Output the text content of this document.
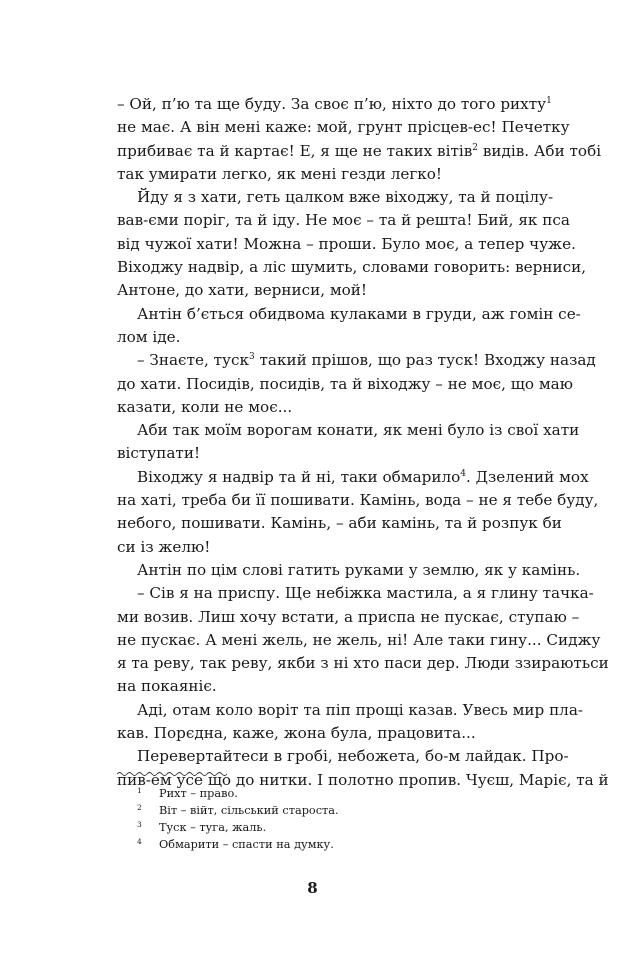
– Ой, п’ю та ще буду. За своє п’ю, ніхто до того рихту$^1$
не має. А він мені каже: мой, грунт прісцев-ес! Печетку
прибиває та й картає! Е, я ще не таких вітів$^2$ видів. Аби тобі
так умирати легко, як мені гезди легко!
Йду я з хати, геть цалком вже віходжу, та й поцілу-
вав-єми поріг, та й іду. Не моє – та й решта! Бий, як пса
від чужої хати! Можна – проши. Було моє, а тепер чуже.
Віходжу надвір, а ліс шумить, словами говорить: верниси,
Антоне, до хати, верниси, мой!
Антін б’ється обидвома кулаками в груди, аж гомін се-
лом іде.
– Знаєте, туск$^3$ такий прішов, що раз туск! Входжу назад
до хати. Посидів, посидів, та й віходжу – не моє, що маю
казати, коли не моє...
Аби так моїм ворогам конати, як мені було із свої хати
вiступати!
Віходжу я надвір та й ні, таки обмарило$^4$. Дзелений мох
на хаті, треба би її пошивати. Камінь, вода – не я тебе буду,
небого, пошивати. Камінь, – аби камінь, та й розпук би
си із желю!
Антін по цім слові гатить руками у землю, як у камінь.
– Сів я на приспу. Ще небіжка мастила, а я глину тачка-
ми возив. Лиш хочу встати, а приспа не пускає, ступаю –
не пускає. А мені жель, не жель, ні! Але таки гину... Сиджу
я та реву, так реву, якби з ні хто паси дер. Люди ззираютьси
на покаяніє.
Аді, отам коло воріт та піп прощі казав. Увесь мир пла-
кав. Порєдна, каже, жона була, працовита...
Перевертайтеси в гробі, небожета, бо-м лайдак. Про-
пив-ем усе що до нитки. І полотно пропив. Чуєш, Маріє, та й
1 Рихт – право.
2 Віт – війт, сільський староста.
3 Туск – туга, жаль.
4 Обмарити – спасти на думку.
8
